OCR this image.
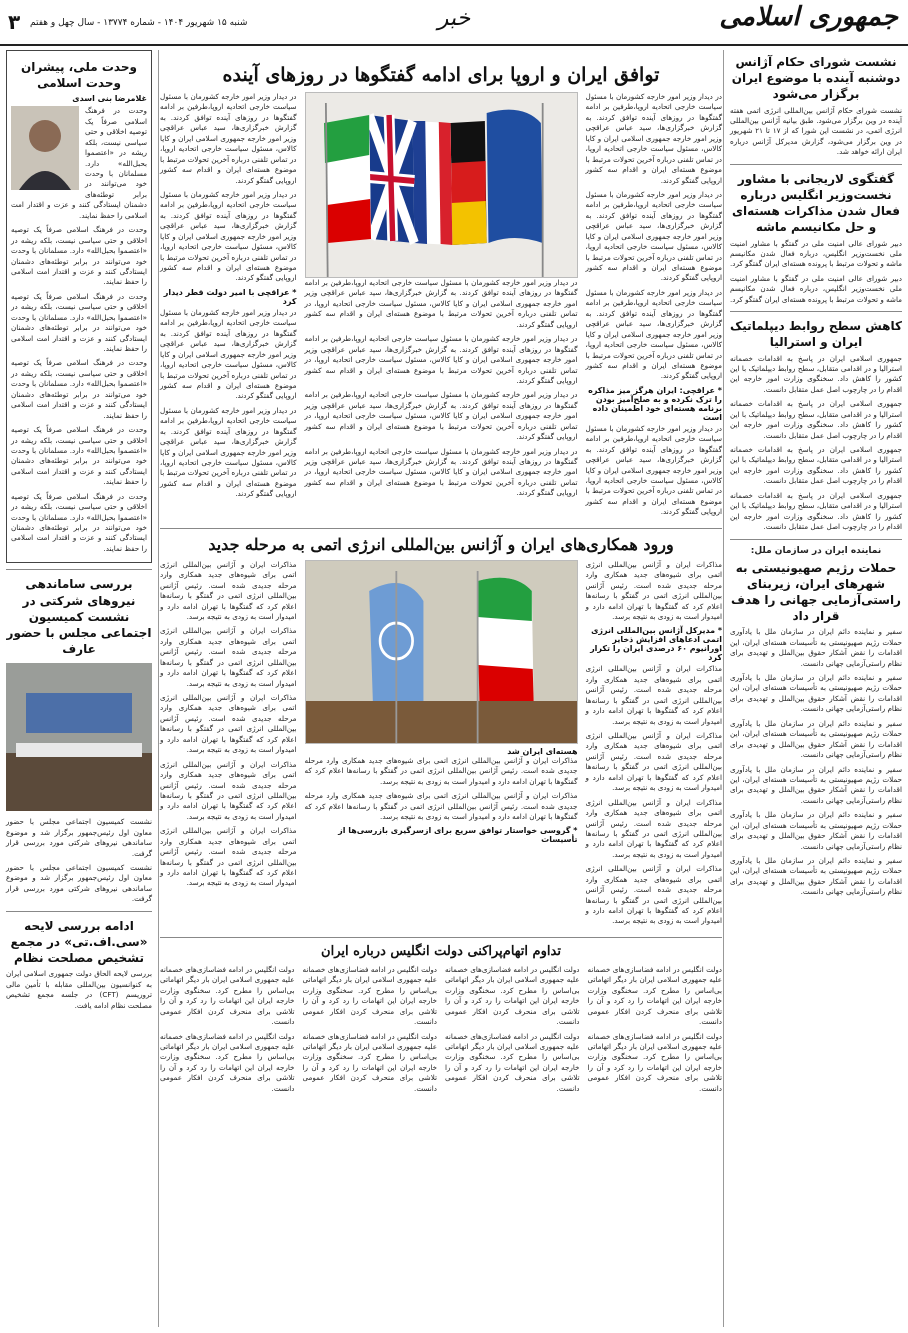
جمهوری اسلامی
خبر
شنبه ۱۵ شهریور ۱۴۰۴ - شماره ۱۳۷۷۴ - سال چهل و هفتم
۳
نشست شورای حکام آژانس دوشنبه آینده با موضوع ایران برگزار می‌شود

نشست شورای حکام آژانس بین‌المللی انرژی اتمی هفته آینده در وین برگزار می‌شود. طبق بیانیه آژانس بین‌المللی انرژی اتمی، در نشست این شورا ‌که از ۱۷ تا ۲۱ شهریور در وین برگزار می‌شود، گزارش مدیرکل آژانس درباره ایران ارائه خواهد شد.

گفتگوی لاریجانی با مشاور نخست‌وزیر انگلیس درباره فعال شدن مذاکرات هسته‌ای و حل مکانیسم ماشه

دبیر شورای عالی امنیت ملی در گفتگو با مشاور امنیت ملی نخست‌وزیر انگلیس، درباره فعال شدن مکانیسم ماشه و تحولات مرتبط با پرونده هسته‌ای ایران گفتگو کرد.

دبیر شورای عالی امنیت ملی در گفتگو با مشاور امنیت ملی نخست‌وزیر انگلیس، درباره فعال شدن مکانیسم ماشه و تحولات مرتبط با پرونده هسته‌ای ایران گفتگو کرد.

کاهش سطح روابط دیپلماتیک ایران و استرالیا

جمهوری اسلامی ایران در پاسخ به اقدامات خصمانه استرالیا و در اقدامی متقابل، سطح روابط دیپلماتیک با این کشور را کاهش داد. سخنگوی وزارت امور خارجه این اقدام را در چارچوب اصل عمل متقابل دانست.

جمهوری اسلامی ایران در پاسخ به اقدامات خصمانه استرالیا و در اقدامی متقابل، سطح روابط دیپلماتیک با این کشور را کاهش داد. سخنگوی وزارت امور خارجه این اقدام را در چارچوب اصل عمل متقابل دانست.

جمهوری اسلامی ایران در پاسخ به اقدامات خصمانه استرالیا و در اقدامی متقابل، سطح روابط دیپلماتیک با این کشور را کاهش داد. سخنگوی وزارت امور خارجه این اقدام را در چارچوب اصل عمل متقابل دانست.

جمهوری اسلامی ایران در پاسخ به اقدامات خصمانه استرالیا و در اقدامی متقابل، سطح روابط دیپلماتیک با این کشور را کاهش داد. سخنگوی وزارت امور خارجه این اقدام را در چارچوب اصل عمل متقابل دانست.

نماینده ایران در سازمان ملل:
حملات رژیم صهیونیستی به شهرهای ایران، زیربنای راستی‌آزمایی جهانی را هدف قرار داد

سفیر و نماینده دائم ایران در سازمان ملل با یادآوری حملات رژیم صهیونیستی به تأسیسات هسته‌ای ایران، این اقدامات را نقض آشکار حقوق بین‌الملل و تهدیدی برای نظام راستی‌آزمایی جهانی دانست.

سفیر و نماینده دائم ایران در سازمان ملل با یادآوری حملات رژیم صهیونیستی به تأسیسات هسته‌ای ایران، این اقدامات را نقض آشکار حقوق بین‌الملل و تهدیدی برای نظام راستی‌آزمایی جهانی دانست.

سفیر و نماینده دائم ایران در سازمان ملل با یادآوری حملات رژیم صهیونیستی به تأسیسات هسته‌ای ایران، این اقدامات را نقض آشکار حقوق بین‌الملل و تهدیدی برای نظام راستی‌آزمایی جهانی دانست.

سفیر و نماینده دائم ایران در سازمان ملل با یادآوری حملات رژیم صهیونیستی به تأسیسات هسته‌ای ایران، این اقدامات را نقض آشکار حقوق بین‌الملل و تهدیدی برای نظام راستی‌آزمایی جهانی دانست.

سفیر و نماینده دائم ایران در سازمان ملل با یادآوری حملات رژیم صهیونیستی به تأسیسات هسته‌ای ایران، این اقدامات را نقض آشکار حقوق بین‌الملل و تهدیدی برای نظام راستی‌آزمایی جهانی دانست.

سفیر و نماینده دائم ایران در سازمان ملل با یادآوری حملات رژیم صهیونیستی به تأسیسات هسته‌ای ایران، این اقدامات را نقض آشکار حقوق بین‌الملل و تهدیدی برای نظام راستی‌آزمایی جهانی دانست.

توافق ایران و اروپا برای ادامه گفتگوها در روزهای آینده

در دیدار وزیر امور خارجه کشورمان با مسئول سیاست خارجی اتحادیه اروپا‌،طرفین بر ادامه گفتگوها در روزهای آینده توافق کردند. به گزارش خبرگزاری‌ها، سید عباس عراقچی وزیر امور خارجه جمهوری اسلامی ایران و کایا کالاس، مسئول سیاست خارجی اتحادیه اروپا، در تماس تلفنی درباره آخرین تحولات مرتبط با موضوع هسته‌ای ایران و اقدام سه کشور اروپایی گفتگو کردند.

در دیدار وزیر امور خارجه کشورمان با مسئول سیاست خارجی اتحادیه اروپا‌،طرفین بر ادامه گفتگوها در روزهای آینده توافق کردند. به گزارش خبرگزاری‌ها، سید عباس عراقچی وزیر امور خارجه جمهوری اسلامی ایران و کایا کالاس، مسئول سیاست خارجی اتحادیه اروپا، در تماس تلفنی درباره آخرین تحولات مرتبط با موضوع هسته‌ای ایران و اقدام سه کشور اروپایی گفتگو کردند.

در دیدار وزیر امور خارجه کشورمان با مسئول سیاست خارجی اتحادیه اروپا‌،طرفین بر ادامه گفتگوها در روزهای آینده توافق کردند. به گزارش خبرگزاری‌ها، سید عباس عراقچی وزیر امور خارجه جمهوری اسلامی ایران و کایا کالاس، مسئول سیاست خارجی اتحادیه اروپا، در تماس تلفنی درباره آخرین تحولات مرتبط با موضوع هسته‌ای ایران و اقدام سه کشور اروپایی گفتگو کردند.

* عراقچی: ایران هرگز میز مذاکره را ترک نکرده و به صلح‌آمیز بودن برنامه هسته‌ای خود اطمینان داده است

در دیدار وزیر امور خارجه کشورمان با مسئول سیاست خارجی اتحادیه اروپا‌،طرفین بر ادامه گفتگوها در روزهای آینده توافق کردند. به گزارش خبرگزاری‌ها، سید عباس عراقچی وزیر امور خارجه جمهوری اسلامی ایران و کایا کالاس، مسئول سیاست خارجی اتحادیه اروپا، در تماس تلفنی درباره آخرین تحولات مرتبط با موضوع هسته‌ای ایران و اقدام سه کشور اروپایی گفتگو کردند.

در دیدار وزیر امور خارجه کشورمان با مسئول سیاست خارجی اتحادیه اروپا‌،طرفین بر ادامه گفتگوها در روزهای آینده توافق کردند. به گزارش خبرگزاری‌ها، سید عباس عراقچی وزیر امور خارجه جمهوری اسلامی ایران و کایا کالاس، مسئول سیاست خارجی اتحادیه اروپا، در تماس تلفنی درباره آخرین تحولات مرتبط با موضوع هسته‌ای ایران و اقدام سه کشور اروپایی گفتگو کردند.

در دیدار وزیر امور خارجه کشورمان با مسئول سیاست خارجی اتحادیه اروپا‌،طرفین بر ادامه گفتگوها در روزهای آینده توافق کردند. به گزارش خبرگزاری‌ها، سید عباس عراقچی وزیر امور خارجه جمهوری اسلامی ایران و کایا کالاس، مسئول سیاست خارجی اتحادیه اروپا، در تماس تلفنی درباره آخرین تحولات مرتبط با موضوع هسته‌ای ایران و اقدام سه کشور اروپایی گفتگو کردند.

در دیدار وزیر امور خارجه کشورمان با مسئول سیاست خارجی اتحادیه اروپا‌،طرفین بر ادامه گفتگوها در روزهای آینده توافق کردند. به گزارش خبرگزاری‌ها، سید عباس عراقچی وزیر امور خارجه جمهوری اسلامی ایران و کایا کالاس، مسئول سیاست خارجی اتحادیه اروپا، در تماس تلفنی درباره آخرین تحولات مرتبط با موضوع هسته‌ای ایران و اقدام سه کشور اروپایی گفتگو کردند.

در دیدار وزیر امور خارجه کشورمان با مسئول سیاست خارجی اتحادیه اروپا‌،طرفین بر ادامه گفتگوها در روزهای آینده توافق کردند. به گزارش خبرگزاری‌ها، سید عباس عراقچی وزیر امور خارجه جمهوری اسلامی ایران و کایا کالاس، مسئول سیاست خارجی اتحادیه اروپا، در تماس تلفنی درباره آخرین تحولات مرتبط با موضوع هسته‌ای ایران و اقدام سه کشور اروپایی گفتگو کردند.

در دیدار وزیر امور خارجه کشورمان با مسئول سیاست خارجی اتحادیه اروپا‌،طرفین بر ادامه گفتگوها در روزهای آینده توافق کردند. به گزارش خبرگزاری‌ها، سید عباس عراقچی وزیر امور خارجه جمهوری اسلامی ایران و کایا کالاس، مسئول سیاست خارجی اتحادیه اروپا، در تماس تلفنی درباره آخرین تحولات مرتبط با موضوع هسته‌ای ایران و اقدام سه کشور اروپایی گفتگو کردند.

در دیدار وزیر امور خارجه کشورمان با مسئول سیاست خارجی اتحادیه اروپا‌،طرفین بر ادامه گفتگوها در روزهای آینده توافق کردند. به گزارش خبرگزاری‌ها، سید عباس عراقچی وزیر امور خارجه جمهوری اسلامی ایران و کایا کالاس، مسئول سیاست خارجی اتحادیه اروپا، در تماس تلفنی درباره آخرین تحولات مرتبط با موضوع هسته‌ای ایران و اقدام سه کشور اروپایی گفتگو کردند.

* عراقچی با امیر دولت قطر دیدار کرد

در دیدار وزیر امور خارجه کشورمان با مسئول سیاست خارجی اتحادیه اروپا‌،طرفین بر ادامه گفتگوها در روزهای آینده توافق کردند. به گزارش خبرگزاری‌ها، سید عباس عراقچی وزیر امور خارجه جمهوری اسلامی ایران و کایا کالاس، مسئول سیاست خارجی اتحادیه اروپا، در تماس تلفنی درباره آخرین تحولات مرتبط با موضوع هسته‌ای ایران و اقدام سه کشور اروپایی گفتگو کردند.

در دیدار وزیر امور خارجه کشورمان با مسئول سیاست خارجی اتحادیه اروپا‌،طرفین بر ادامه گفتگوها در روزهای آینده توافق کردند. به گزارش خبرگزاری‌ها، سید عباس عراقچی وزیر امور خارجه جمهوری اسلامی ایران و کایا کالاس، مسئول سیاست خارجی اتحادیه اروپا، در تماس تلفنی درباره آخرین تحولات مرتبط با موضوع هسته‌ای ایران و اقدام سه کشور اروپایی گفتگو کردند.

ورود همکاری‌های ایران و آژانس بین‌المللی انرژی اتمی به مرحله جدید

مذاکرات ایران و آژانس بین‌المللی انرژی اتمی برای شیوه‌های جدید همکاری وارد مرحله جدیدی شده است. رئیس آژانس بین‌المللی انرژی اتمی در گفتگو با رسانه‌ها اعلام کرد که گفتگوها با تهران ادامه دارد و امیدوار است به زودی به نتیجه برسد.

* مدیرکل آژانس بین‌المللی انرژی اتمی ادعاهای افزایش ذخایر اورانیوم ۶۰ درصدی ایران را تکرار کرد

مذاکرات ایران و آژانس بین‌المللی انرژی اتمی برای شیوه‌های جدید همکاری وارد مرحله جدیدی شده است. رئیس آژانس بین‌المللی انرژی اتمی در گفتگو با رسانه‌ها اعلام کرد که گفتگوها با تهران ادامه دارد و امیدوار است به زودی به نتیجه برسد.

مذاکرات ایران و آژانس بین‌المللی انرژی اتمی برای شیوه‌های جدید همکاری وارد مرحله جدیدی شده است. رئیس آژانس بین‌المللی انرژی اتمی در گفتگو با رسانه‌ها اعلام کرد که گفتگوها با تهران ادامه دارد و امیدوار است به زودی به نتیجه برسد.

مذاکرات ایران و آژانس بین‌المللی انرژی اتمی برای شیوه‌های جدید همکاری وارد مرحله جدیدی شده است. رئیس آژانس بین‌المللی انرژی اتمی در گفتگو با رسانه‌ها اعلام کرد که گفتگوها با تهران ادامه دارد و امیدوار است به زودی به نتیجه برسد.

مذاکرات ایران و آژانس بین‌المللی انرژی اتمی برای شیوه‌های جدید همکاری وارد مرحله جدیدی شده است. رئیس آژانس بین‌المللی انرژی اتمی در گفتگو با رسانه‌ها اعلام کرد که گفتگوها با تهران ادامه دارد و امیدوار است به زودی به نتیجه برسد.

هسته‌ای ایران شد

مذاکرات ایران و آژانس بین‌المللی انرژی اتمی برای شیوه‌های جدید همکاری وارد مرحله جدیدی شده است. رئیس آژانس بین‌المللی انرژی اتمی در گفتگو با رسانه‌ها اعلام کرد که گفتگوها با تهران ادامه دارد و امیدوار است به زودی به نتیجه برسد.

مذاکرات ایران و آژانس بین‌المللی انرژی اتمی برای شیوه‌های جدید همکاری وارد مرحله جدیدی شده است. رئیس آژانس بین‌المللی انرژی اتمی در گفتگو با رسانه‌ها اعلام کرد که گفتگوها با تهران ادامه دارد و امیدوار است به زودی به نتیجه برسد.

* گروسی خواستار توافق سریع برای ازسرگیری بازرسی‌ها از تأسیسات

مذاکرات ایران و آژانس بین‌المللی انرژی اتمی برای شیوه‌های جدید همکاری وارد مرحله جدیدی شده است. رئیس آژانس بین‌المللی انرژی اتمی در گفتگو با رسانه‌ها اعلام کرد که گفتگوها با تهران ادامه دارد و امیدوار است به زودی به نتیجه برسد.

مذاکرات ایران و آژانس بین‌المللی انرژی اتمی برای شیوه‌های جدید همکاری وارد مرحله جدیدی شده است. رئیس آژانس بین‌المللی انرژی اتمی در گفتگو با رسانه‌ها اعلام کرد که گفتگوها با تهران ادامه دارد و امیدوار است به زودی به نتیجه برسد.

مذاکرات ایران و آژانس بین‌المللی انرژی اتمی برای شیوه‌های جدید همکاری وارد مرحله جدیدی شده است. رئیس آژانس بین‌المللی انرژی اتمی در گفتگو با رسانه‌ها اعلام کرد که گفتگوها با تهران ادامه دارد و امیدوار است به زودی به نتیجه برسد.

مذاکرات ایران و آژانس بین‌المللی انرژی اتمی برای شیوه‌های جدید همکاری وارد مرحله جدیدی شده است. رئیس آژانس بین‌المللی انرژی اتمی در گفتگو با رسانه‌ها اعلام کرد که گفتگوها با تهران ادامه دارد و امیدوار است به زودی به نتیجه برسد.

مذاکرات ایران و آژانس بین‌المللی انرژی اتمی برای شیوه‌های جدید همکاری وارد مرحله جدیدی شده است. رئیس آژانس بین‌المللی انرژی اتمی در گفتگو با رسانه‌ها اعلام کرد که گفتگوها با تهران ادامه دارد و امیدوار است به زودی به نتیجه برسد.

تداوم اتهام‌پراکنی دولت انگلیس درباره ایران

دولت انگلیس در ادامه فضاسازی‌های خصمانه علیه جمهوری اسلامی ایران بار دیگر اتهاماتی بی‌اساس را مطرح کرد. سخنگوی وزارت خارجه ایران این اتهامات را رد کرد و آن را تلاشی برای منحرف کردن افکار عمومی دانست.

دولت انگلیس در ادامه فضاسازی‌های خصمانه علیه جمهوری اسلامی ایران بار دیگر اتهاماتی بی‌اساس را مطرح کرد. سخنگوی وزارت خارجه ایران این اتهامات را رد کرد و آن را تلاشی برای منحرف کردن افکار عمومی دانست.

دولت انگلیس در ادامه فضاسازی‌های خصمانه علیه جمهوری اسلامی ایران بار دیگر اتهاماتی بی‌اساس را مطرح کرد. سخنگوی وزارت خارجه ایران این اتهامات را رد کرد و آن را تلاشی برای منحرف کردن افکار عمومی دانست.

دولت انگلیس در ادامه فضاسازی‌های خصمانه علیه جمهوری اسلامی ایران بار دیگر اتهاماتی بی‌اساس را مطرح کرد. سخنگوی وزارت خارجه ایران این اتهامات را رد کرد و آن را تلاشی برای منحرف کردن افکار عمومی دانست.

دولت انگلیس در ادامه فضاسازی‌های خصمانه علیه جمهوری اسلامی ایران بار دیگر اتهاماتی بی‌اساس را مطرح کرد. سخنگوی وزارت خارجه ایران این اتهامات را رد کرد و آن را تلاشی برای منحرف کردن افکار عمومی دانست.

دولت انگلیس در ادامه فضاسازی‌های خصمانه علیه جمهوری اسلامی ایران بار دیگر اتهاماتی بی‌اساس را مطرح کرد. سخنگوی وزارت خارجه ایران این اتهامات را رد کرد و آن را تلاشی برای منحرف کردن افکار عمومی دانست.

دولت انگلیس در ادامه فضاسازی‌های خصمانه علیه جمهوری اسلامی ایران بار دیگر اتهاماتی بی‌اساس را مطرح کرد. سخنگوی وزارت خارجه ایران این اتهامات را رد کرد و آن را تلاشی برای منحرف کردن افکار عمومی دانست.

دولت انگلیس در ادامه فضاسازی‌های خصمانه علیه جمهوری اسلامی ایران بار دیگر اتهاماتی بی‌اساس را مطرح کرد. سخنگوی وزارت خارجه ایران این اتهامات را رد کرد و آن را تلاشی برای منحرف کردن افکار عمومی دانست.

وحدت ملی، پیشران وحدت اسلامی
غلامرضا بنی اسدی

وحدت در فرهنگ اسلامی صرفاً یک توصیه اخلاقی و حتی سیاسی نیست، بلکه ریشه در «اعتصموا بحبل‌الله» دارد. مسلمانان با وحدت خود می‌توانند در برابر توطئه‌های دشمنان ایستادگی کنند و عزت و اقتدار امت اسلامی را حفظ نمایند.

وحدت در فرهنگ اسلامی صرفاً یک توصیه اخلاقی و حتی سیاسی نیست، بلکه ریشه در «اعتصموا بحبل‌الله» دارد. مسلمانان با وحدت خود می‌توانند در برابر توطئه‌های دشمنان ایستادگی کنند و عزت و اقتدار امت اسلامی را حفظ نمایند.

وحدت در فرهنگ اسلامی صرفاً یک توصیه اخلاقی و حتی سیاسی نیست، بلکه ریشه در «اعتصموا بحبل‌الله» دارد. مسلمانان با وحدت خود می‌توانند در برابر توطئه‌های دشمنان ایستادگی کنند و عزت و اقتدار امت اسلامی را حفظ نمایند.

وحدت در فرهنگ اسلامی صرفاً یک توصیه اخلاقی و حتی سیاسی نیست، بلکه ریشه در «اعتصموا بحبل‌الله» دارد. مسلمانان با وحدت خود می‌توانند در برابر توطئه‌های دشمنان ایستادگی کنند و عزت و اقتدار امت اسلامی را حفظ نمایند.

وحدت در فرهنگ اسلامی صرفاً یک توصیه اخلاقی و حتی سیاسی نیست، بلکه ریشه در «اعتصموا بحبل‌الله» دارد. مسلمانان با وحدت خود می‌توانند در برابر توطئه‌های دشمنان ایستادگی کنند و عزت و اقتدار امت اسلامی را حفظ نمایند.

وحدت در فرهنگ اسلامی صرفاً یک توصیه اخلاقی و حتی سیاسی نیست، بلکه ریشه در «اعتصموا بحبل‌الله» دارد. مسلمانان با وحدت خود می‌توانند در برابر توطئه‌های دشمنان ایستادگی کنند و عزت و اقتدار امت اسلامی را حفظ نمایند.

بررسی ساماندهی نیروهای شرکتی در نشست کمیسیون اجتماعی مجلس با حضور عارف

نشست کمیسیون اجتماعی مجلس با حضور معاون اول رئیس‌جمهور برگزار شد و موضوع ساماندهی نیروهای شرکتی مورد بررسی قرار گرفت.

نشست کمیسیون اجتماعی مجلس با حضور معاون اول رئیس‌جمهور برگزار شد و موضوع ساماندهی نیروهای شرکتی مورد بررسی قرار گرفت.

ادامه بررسی لایحه «سی.اف.تی» در مجمع تشخیص مصلحت نظام

بررسی لایحه الحاق دولت جمهوری اسلامی ایران به کنوانسیون بین‌المللی مقابله با تأمین مالی تروریسم (CFT) در جلسه مجمع تشخیص مصلحت نظام ادامه یافت.
